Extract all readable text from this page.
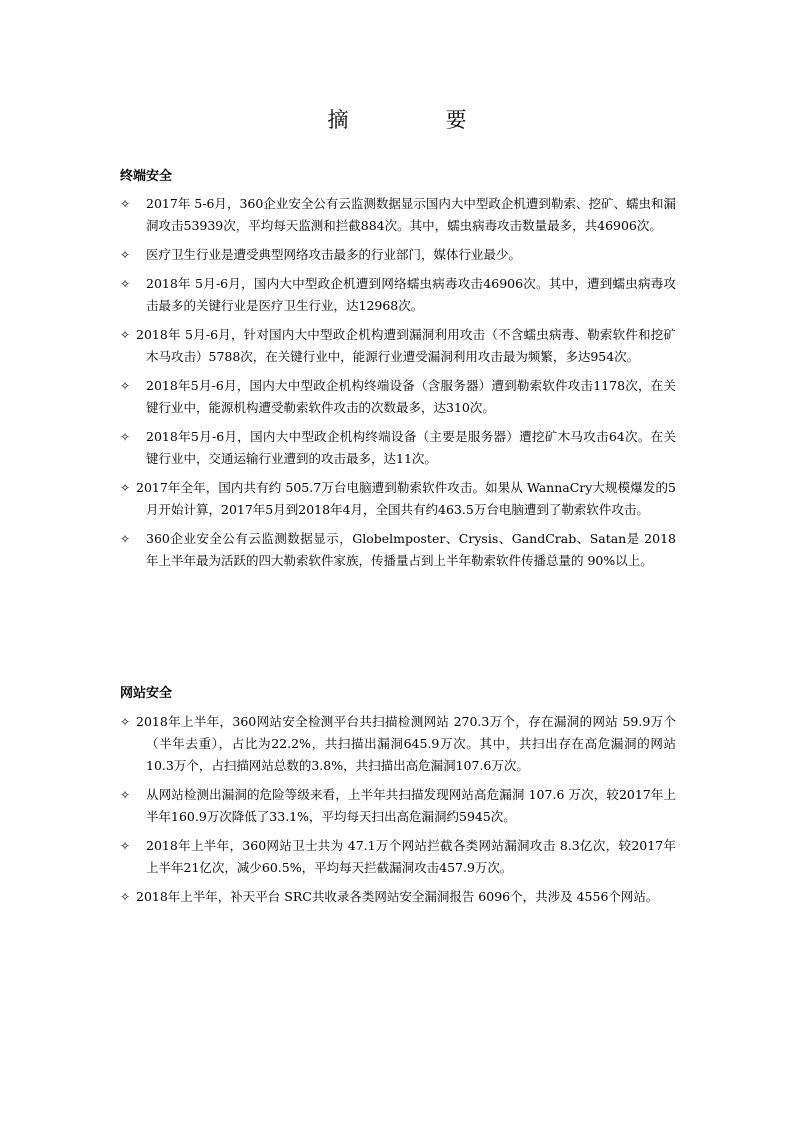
摘　要
终端安全
✧	2017年 5-6月，360企业安全公有云监测数据显示国内大中型政企机遭到勒索、挖矿、蠕虫和漏洞攻击53939次，平均每天监测和拦截884次。其中，蠕虫病毒攻击数量最多，共46906次。
✧	医疗卫生行业是遭受典型网络攻击最多的行业部门，媒体行业最少。
✧	2018年 5月-6月，国内大中型政企机遭到网络蠕虫病毒攻击46906次。其中，遭到蠕虫病毒攻击最多的关键行业是医疗卫生行业，达12968次。
✧ 2018年 5月-6月，针对国内大中型政企机构遭到漏洞利用攻击（不含蠕虫病毒、勒索软件和挖矿木马攻击）5788次，在关键行业中，能源行业遭受漏洞利用攻击最为频繁，多达954次。
✧	2018年5月-6月，国内大中型政企机构终端设备（含服务器）遭到勒索软件攻击1178次，在关键行业中，能源机构遭受勒索软件攻击的次数最多，达310次。
✧	2018年5月-6月，国内大中型政企机构终端设备（主要是服务器）遭挖矿木马攻击64次。在关键行业中，交通运输行业遭到的攻击最多，达11次。
✧ 2017年全年，国内共有约 505.7万台电脑遭到勒索软件攻击。如果从 WannaCry大规模爆发的5月开始计算，2017年5月到2018年4月，全国共有约463.5万台电脑遭到了勒索软件攻击。
✧	360企业安全公有云监测数据显示，Globelmposter、Crysis、GandCrab、Satan是 2018年上半年最为活跃的四大勒索软件家族，传播量占到上半年勒索软件传播总量的 90%以上。
网站安全
✧ 2018年上半年，360网站安全检测平台共扫描检测网站 270.3万个，存在漏洞的网站 59.9万个（半年去重），占比为22.2%，共扫描出漏洞645.9万次。其中，共扫出存在高危漏洞的网站10.3万个，占扫描网站总数的3.8%，共扫描出高危漏洞107.6万次。
✧	从网站检测出漏洞的危险等级来看，上半年共扫描发现网站高危漏洞 107.6 万次，较2017年上半年160.9万次降低了33.1%，平均每天扫出高危漏洞约5945次。
✧	2018年上半年，360网站卫士共为 47.1万个网站拦截各类网站漏洞攻击 8.3亿次，较2017年上半年21亿次，减少60.5%，平均每天拦截漏洞攻击457.9万次。
✧ 2018年上半年，补天平台 SRC共收录各类网站安全漏洞报告 6096个，共涉及 4556个网站。
